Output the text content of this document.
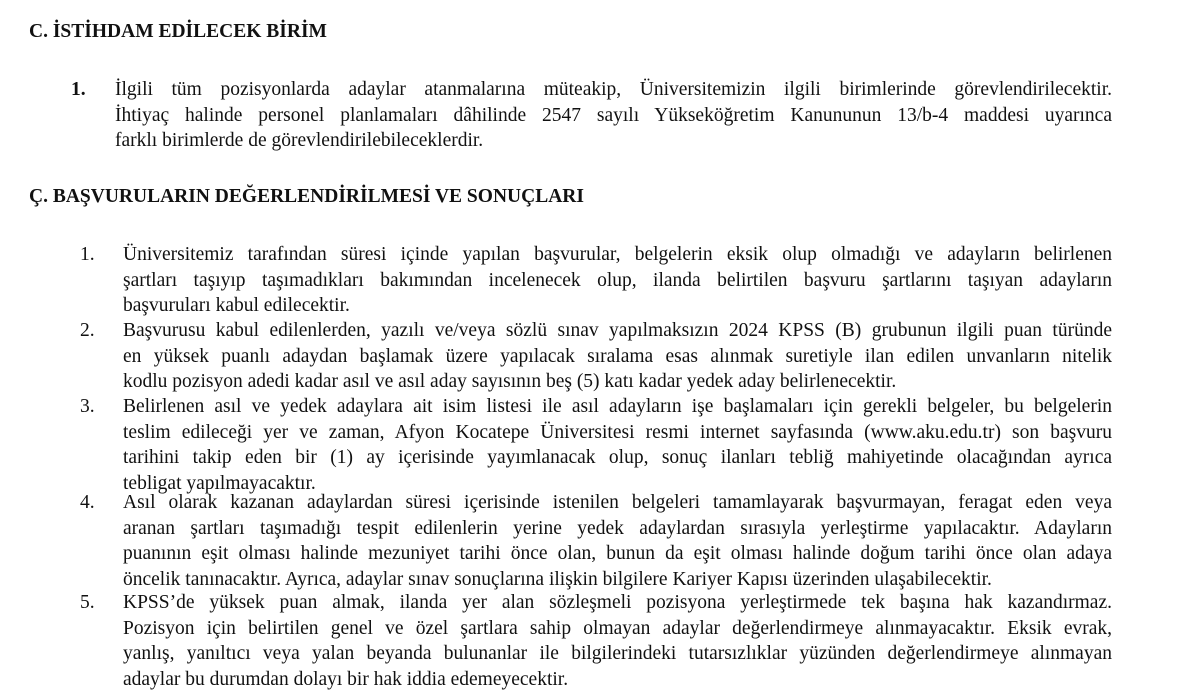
C. İSTİHDAM EDİLECEK BİRİM
1. İlgili tüm pozisyonlarda adaylar atanmalarına müteakip, Üniversitemizin ilgili birimlerinde görevlendirilecektir.
İhtiyaç halinde personel planlamaları dâhilinde 2547 sayılı Yükseköğretim Kanununun 13/b-4 maddesi uyarınca
farklı birimlerde de görevlendirilebileceklerdir.

Ç. BAŞVURULARIN DEĞERLENDİRİLMESİ VE SONUÇLARI
1. Üniversitemiz tarafından süresi içinde yapılan başvurular, belgelerin eksik olup olmadığı ve adayların belirlenen
şartları taşıyıp taşımadıkları bakımından incelenecek olup, ilanda belirtilen başvuru şartlarını taşıyan adayların
başvuruları kabul edilecektir.

2. Başvurusu kabul edilenlerden, yazılı ve/veya sözlü sınav yapılmaksızın 2024 KPSS (B) grubunun ilgili puan türünde
en yüksek puanlı adaydan başlamak üzere yapılacak sıralama esas alınmak suretiyle ilan edilen unvanların nitelik
kodlu pozisyon adedi kadar asıl ve asıl aday sayısının beş (5) katı kadar yedek aday belirlenecektir.

3. Belirlenen asıl ve yedek adaylara ait isim listesi ile asıl adayların işe başlamaları için gerekli belgeler, bu belgelerin
teslim edileceği yer ve zaman, Afyon Kocatepe Üniversitesi resmi internet sayfasında (www.aku.edu.tr) son başvuru
tarihini takip eden bir (1) ay içerisinde yayımlanacak olup, sonuç ilanları tebliğ mahiyetinde olacağından ayrıca
tebligat yapılmayacaktır.

4. Asıl olarak kazanan adaylardan süresi içerisinde istenilen belgeleri tamamlayarak başvurmayan, feragat eden veya
aranan şartları taşımadığı tespit edilenlerin yerine yedek adaylardan sırasıyla yerleştirme yapılacaktır. Adayların
puanının eşit olması halinde mezuniyet tarihi önce olan, bunun da eşit olması halinde doğum tarihi önce olan adaya
öncelik tanınacaktır. Ayrıca, adaylar sınav sonuçlarına ilişkin bilgilere Kariyer Kapısı üzerinden ulaşabilecektir.

5. KPSS’de yüksek puan almak, ilanda yer alan sözleşmeli pozisyona yerleştirmede tek başına hak kazandırmaz.
Pozisyon için belirtilen genel ve özel şartlara sahip olmayan adaylar değerlendirmeye alınmayacaktır. Eksik evrak,
yanlış, yanıltıcı veya yalan beyanda bulunanlar ile bilgilerindeki tutarsızlıklar yüzünden değerlendirmeye alınmayan
adaylar bu durumdan dolayı bir hak iddia edemeyecektir.
